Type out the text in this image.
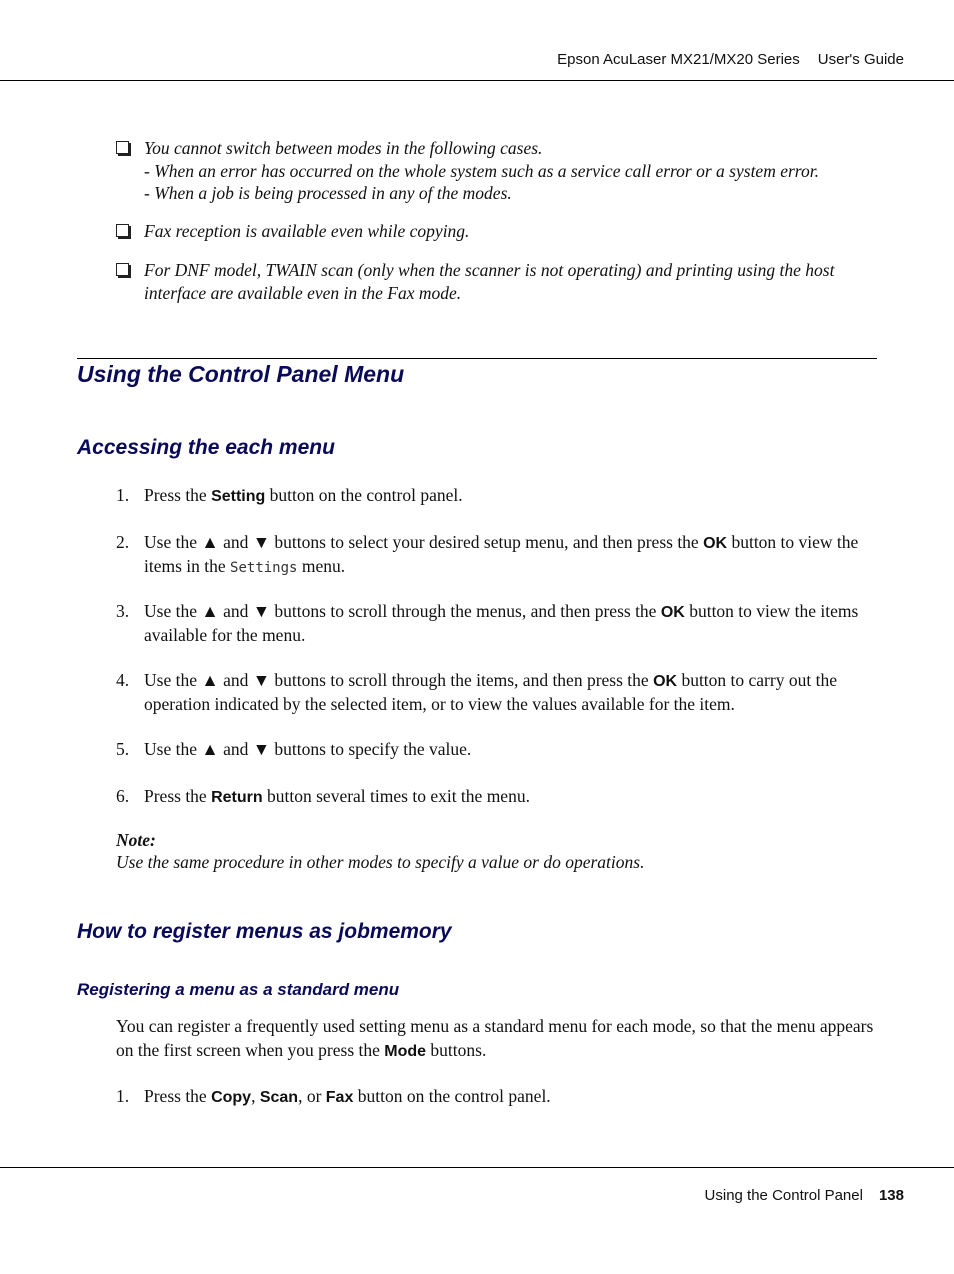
Epson AcuLaser MX21/MX20 Series User's Guide
You cannot switch between modes in the following cases.
- When an error has occurred on the whole system such as a service call error or a system error.
- When a job is being processed in any of the modes.
Fax reception is available even while copying.
For DNF model, TWAIN scan (only when the scanner is not operating) and printing using the host
interface are available even in the Fax mode.
Using the Control Panel Menu
Accessing the each menu
1. Press the Setting button on the control panel.
2. Use the ▲ and ▼ buttons to select your desired setup menu, and then press the OK button to view the items in the Settings menu.
3. Use the ▲ and ▼ buttons to scroll through the menus, and then press the OK button to view the items available for the menu.
4. Use the ▲ and ▼ buttons to scroll through the items, and then press the OK button to carry out the operation indicated by the selected item, or to view the values available for the item.
5. Use the ▲ and ▼ buttons to specify the value.
6. Press the Return button several times to exit the menu.
Note:
Use the same procedure in other modes to specify a value or do operations.
How to register menus as jobmemory
Registering a menu as a standard menu
You can register a frequently used setting menu as a standard menu for each mode, so that the menu appears on the first screen when you press the Mode buttons.
1. Press the Copy, Scan, or Fax button on the control panel.
Using the Control Panel 138
